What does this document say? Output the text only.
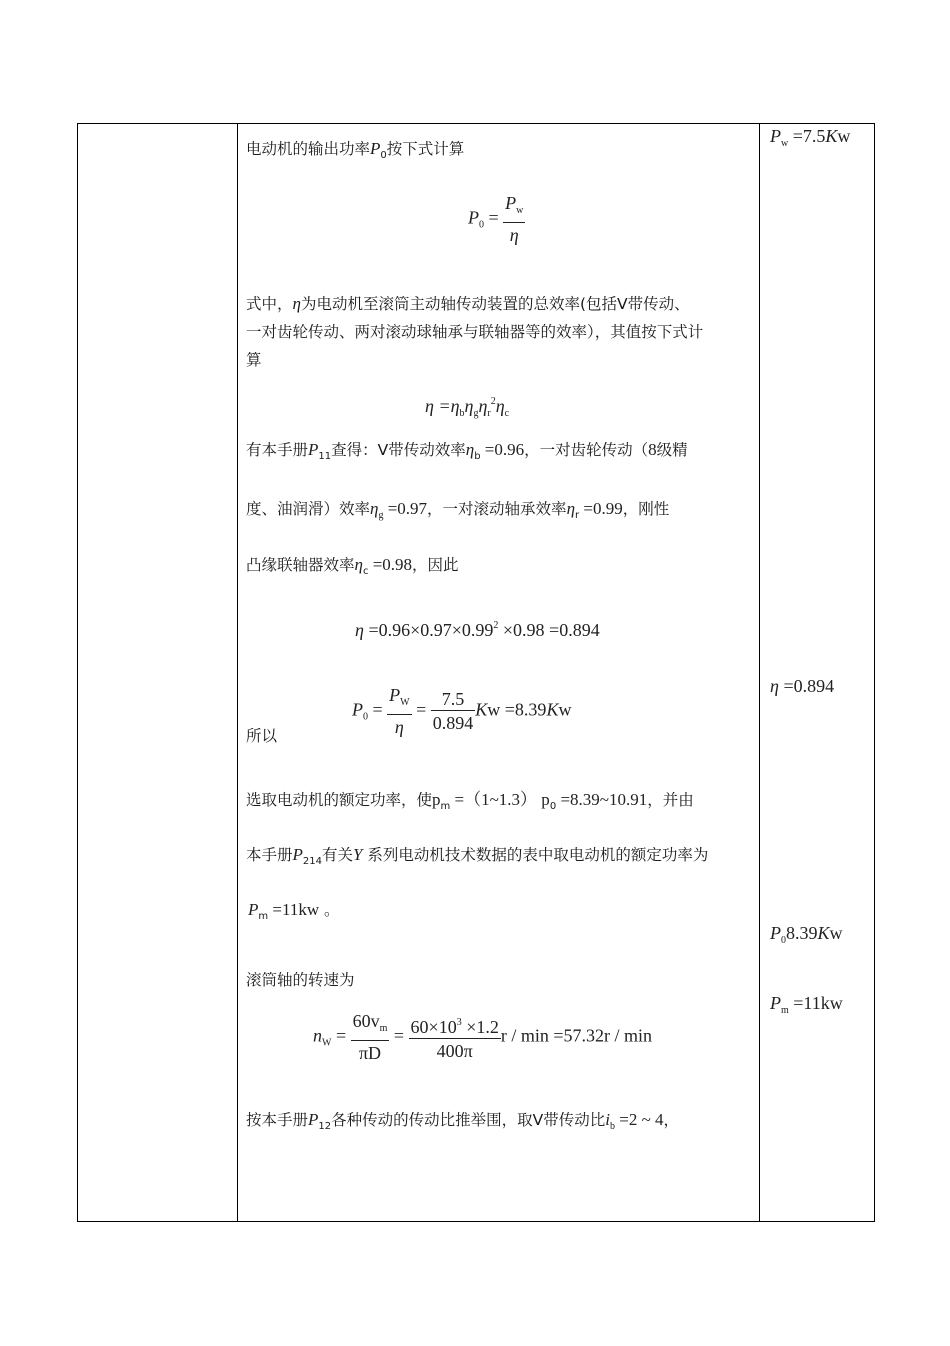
电动机的输出功率$P_0$按下式计算
$P_0 = \frac{P_w}{\eta}$
式中，η为电动机至滚筒主动轴传动装置的总效率(包括Ⅴ带传动、
一对齿轮传动、两对滚动球轴承与联轴器等的效率），其值按下式计
算
$\eta =\eta_b\eta_g\eta_r^2\eta_c$
有本手册$P_{11}$查得：Ⅴ带传动效率$\eta_b =0.96$，一对齿轮传动（8级精
度、油润滑）效率$\eta_g =0.97$，一对滚动轴承效率$\eta_r =0.99$，刚性
凸缘联轴器效率$\eta_c =0.98$，因此
$\eta =0.96\times 0.97\times 0.99^2 \times 0.98 =0.894$
$P_0 = \frac{P_W}{\eta} = \frac{7.5}{0.894}$ Kw =8.39Kw
所以
选取电动机的额定功率，使$p_m$ =（1~1.3） $p_0$ =8.39~10.91，并由
本手册$P_{214}$有关Y 系列电动机技术数据的表中取电动机的额定功率为
$P_m =11kw$ 。
滚筒轴的转速为
$n_W = \frac{60v_m}{\pi D} = \frac{60\times 10^3 \times 1.2}{400\pi}$ r / min =57.32r / min
按本手册$P_{12}$各种传动的传动比推举围，取Ⅴ带传动比$i_b =2$ ~ 4，
$P_w =7.5Kw$
η =0.894
$P_08.39Kw$
$P_m =11kw$
